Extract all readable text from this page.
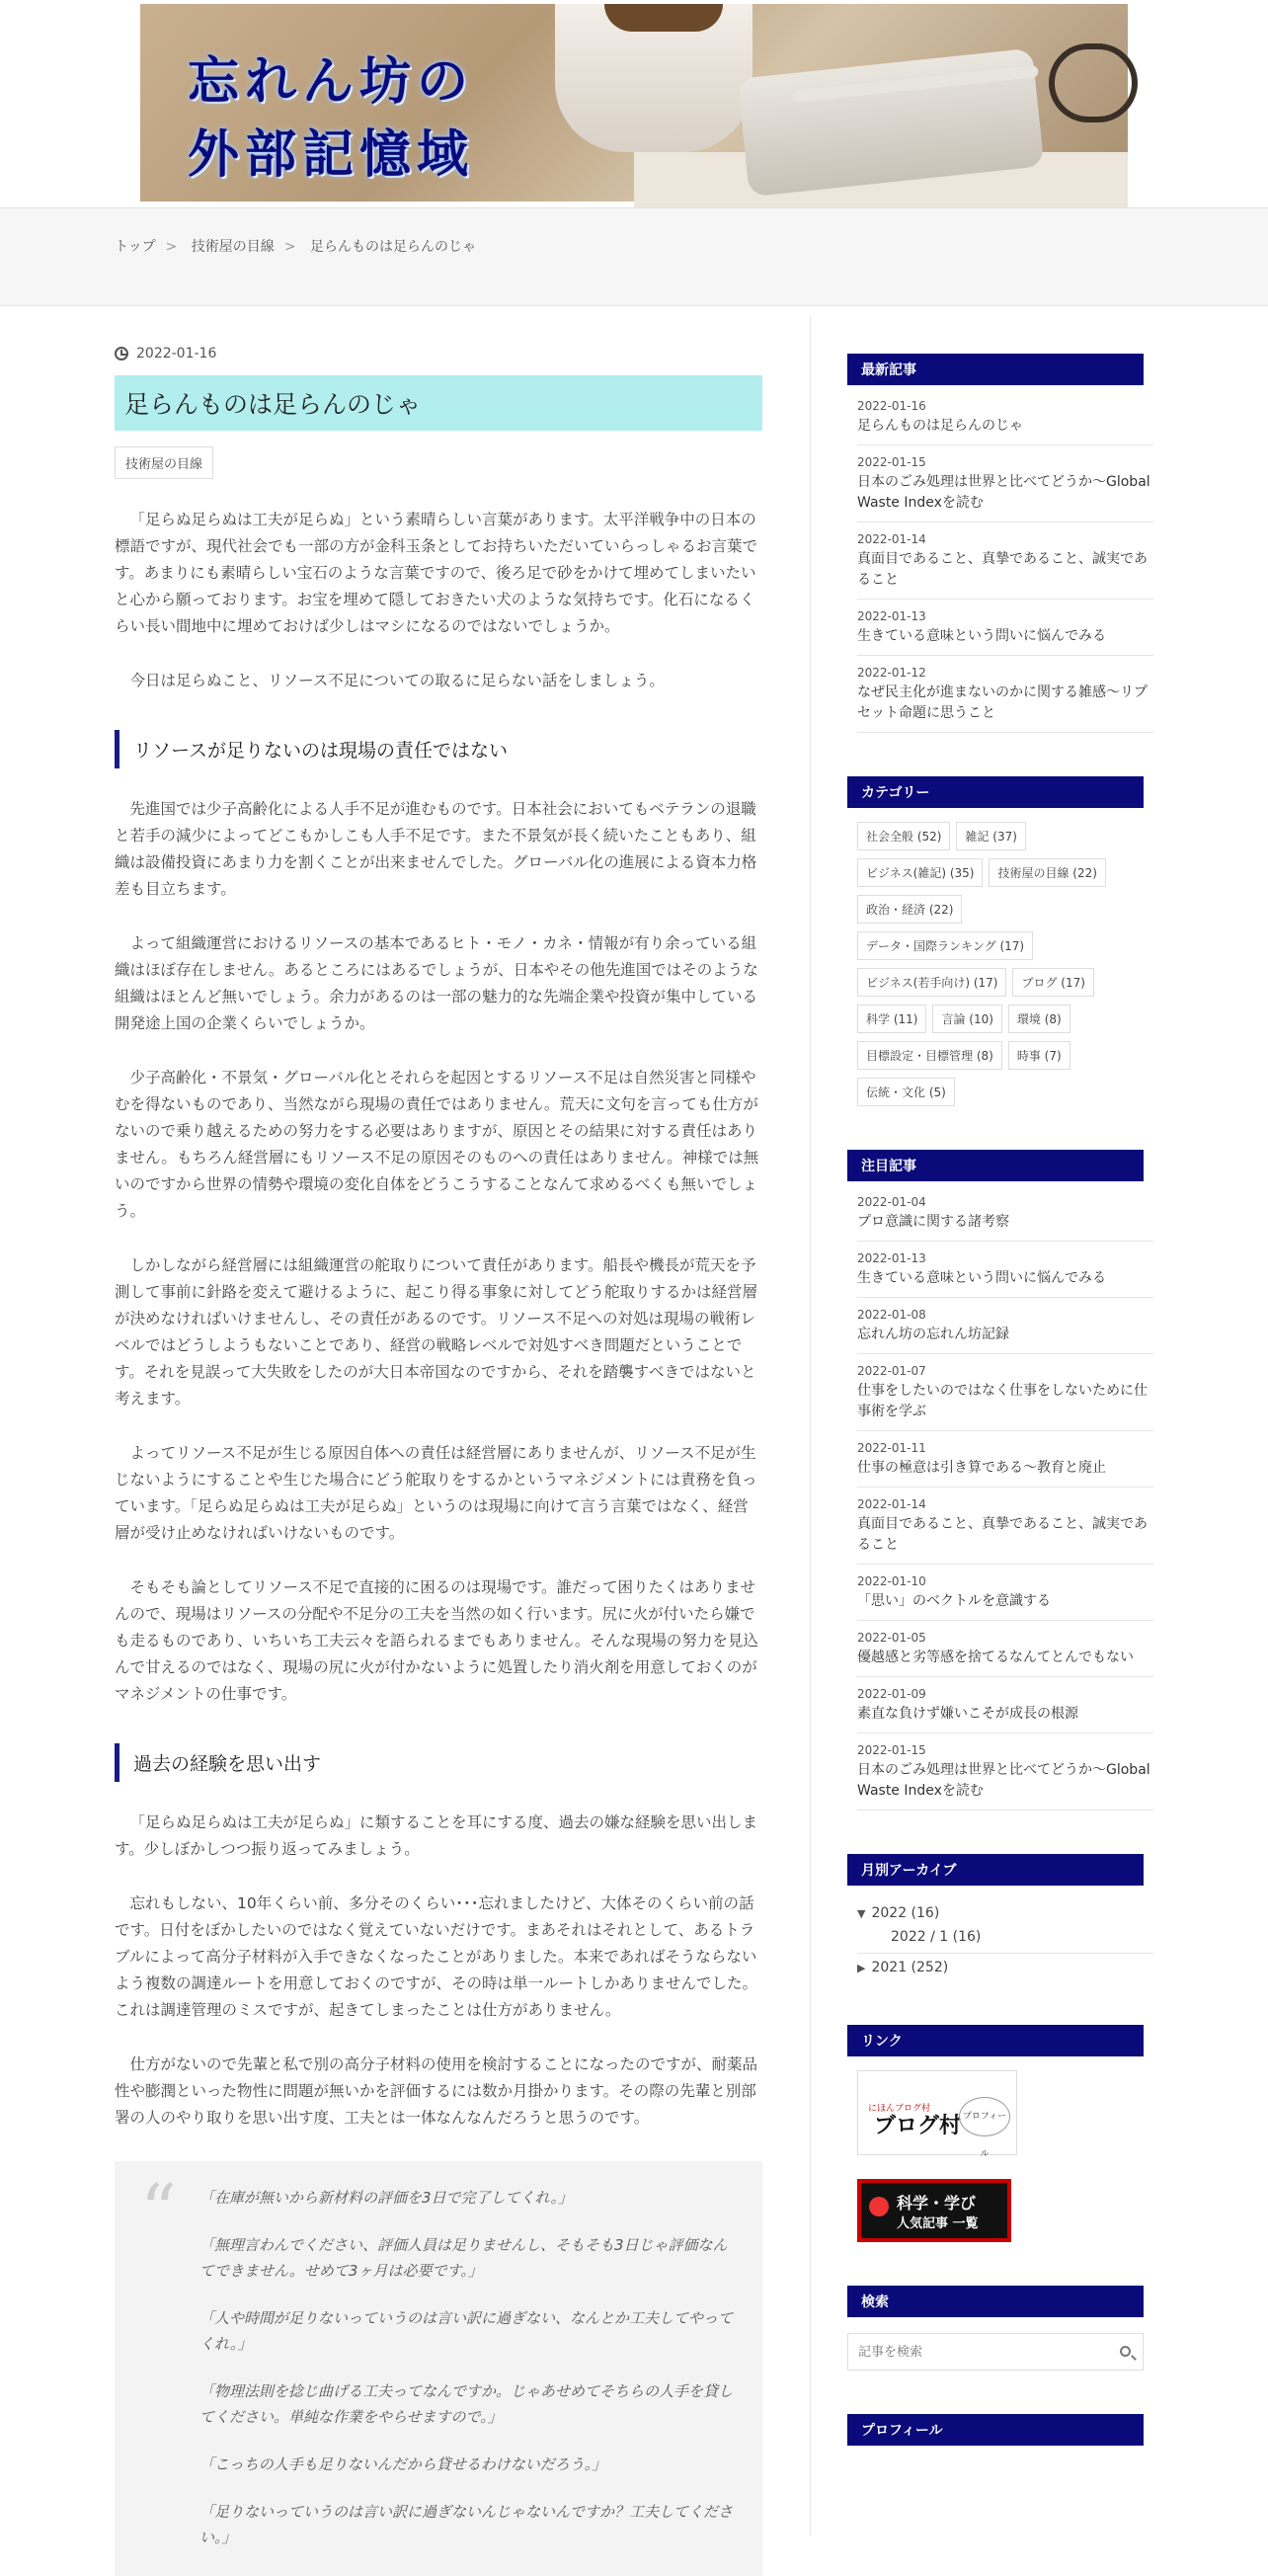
忘れん坊の
外部記憶域
トップ > 技術屋の目線 > 足らんものは足らんのじゃ
2022-01-16
足らんものは足らんのじゃ
技術屋の目線

「足らぬ足らぬは工夫が足らぬ」という素晴らしい言葉があります。太平洋戦争中の日本の標語ですが、現代社会でも一部の方が金科玉条としてお持ちいただいていらっしゃるお言葉です。あまりにも素晴らしい宝石のような言葉ですので、後ろ足で砂をかけて埋めてしまいたいと心から願っております。お宝を埋めて隠しておきたい犬のような気持ちです。化石になるくらい長い間地中に埋めておけば少しはマシになるのではないでしょうか。

今日は足らぬこと、リソース不足についての取るに足らない話をしましょう。

リソースが足りないのは現場の責任ではない

先進国では少子高齢化による人手不足が進むものです。日本社会においてもベテランの退職と若手の減少によってどこもかしこも人手不足です。また不景気が長く続いたこともあり、組織は設備投資にあまり力を割くことが出来ませんでした。グローバル化の進展による資本力格差も目立ちます。

よって組織運営におけるリソースの基本であるヒト・モノ・カネ・情報が有り余っている組織はほぼ存在しません。あるところにはあるでしょうが、日本やその他先進国ではそのような組織はほとんど無いでしょう。余力があるのは一部の魅力的な先端企業や投資が集中している開発途上国の企業くらいでしょうか。

少子高齢化・不景気・グローバル化とそれらを起因とするリソース不足は自然災害と同様やむを得ないものであり、当然ながら現場の責任ではありません。荒天に文句を言っても仕方がないので乗り越えるための努力をする必要はありますが、原因とその結果に対する責任はありません。もちろん経営層にもリソース不足の原因そのものへの責任はありません。神様では無いのですから世界の情勢や環境の変化自体をどうこうすることなんて求めるべくも無いでしょう。

しかしながら経営層には組織運営の舵取りについて責任があります。船長や機長が荒天を予測して事前に針路を変えて避けるように、起こり得る事象に対してどう舵取りするかは経営層が決めなければいけませんし、その責任があるのです。リソース不足への対処は現場の戦術レベルではどうしようもないことであり、経営の戦略レベルで対処すべき問題だということです。それを見誤って大失敗をしたのが大日本帝国なのですから、それを踏襲すべきではないと考えます。

よってリソース不足が生じる原因自体への責任は経営層にありませんが、リソース不足が生じないようにすることや生じた場合にどう舵取りをするかというマネジメントには責務を負っています。「足らぬ足らぬは工夫が足らぬ」というのは現場に向けて言う言葉ではなく、経営層が受け止めなければいけないものです。

そもそも論としてリソース不足で直接的に困るのは現場です。誰だって困りたくはありませんので、現場はリソースの分配や不足分の工夫を当然の如く行います。尻に火が付いたら嫌でも走るものであり、いちいち工夫云々を語られるまでもありません。そんな現場の努力を見込んで甘えるのではなく、現場の尻に火が付かないように処置したり消火剤を用意しておくのがマネジメントの仕事です。

過去の経験を思い出す

「足らぬ足らぬは工夫が足らぬ」に類することを耳にする度、過去の嫌な経験を思い出します。少しぼかしつつ振り返ってみましょう。

忘れもしない、10年くらい前、多分そのくらい･･･忘れましたけど、大体そのくらい前の話です。日付をぼかしたいのではなく覚えていないだけです。まあそれはそれとして、あるトラブルによって高分子材料が入手できなくなったことがありました。本来であればそうならないよう複数の調達ルートを用意しておくのですが、その時は単一ルートしかありませんでした。これは調達管理のミスですが、起きてしまったことは仕方がありません。

仕方がないので先輩と私で別の高分子材料の使用を検討することになったのですが、耐薬品性や膨潤といった物性に問題が無いかを評価するには数か月掛かります。その際の先輩と別部署の人のやり取りを思い出す度、工夫とは一体なんなんだろうと思うのです。

“ 「在庫が無いから新材料の評価を3日で完了してくれ。」

「無理言わんでください、評価人員は足りませんし、そもそも3日じゃ評価なんてできません。せめて3ヶ月は必要です。」

「人や時間が足りないっていうのは言い訳に過ぎない、なんとか工夫してやってくれ。」

「物理法則を捻じ曲げる工夫ってなんですか。じゃあせめてそちらの人手を貸してください。単純な作業をやらせますので。」

「こっちの人手も足りないんだから貸せるわけないだろう。」

「足りないっていうのは言い訳に過ぎないんじゃないんですか？工夫してください。」

最新記事
2022-01-16
足らんものは足らんのじゃ
2022-01-15
日本のごみ処理は世界と比べてどうか～Global Waste Indexを読む
2022-01-14
真面目であること、真摯であること、誠実であること
2022-01-13
生きている意味という問いに悩んでみる
2022-01-12
なぜ民主化が進まないのかに関する雑感〜リプセット命題に思うこと
カテゴリー
社会全般 (52)	雑記 (37)
ビジネス(雑記) (35)	技術屋の目線 (22)
政治・経済 (22)
データ・国際ランキング (17)
ビジネス(若手向け) (17)	ブログ (17)
科学 (11)	言論 (10)	環境 (8)
目標設定・目標管理 (8)	時事 (7)
伝統・文化 (5)
注目記事
2022-01-04
プロ意識に関する諸考察
2022-01-13
生きている意味という問いに悩んでみる
2022-01-08
忘れん坊の忘れん坊記録
2022-01-07
仕事をしたいのではなく仕事をしないために仕事術を学ぶ
2022-01-11
仕事の極意は引き算である～教育と廃止
2022-01-14
真面目であること、真摯であること、誠実であること
2022-01-10
「思い」のベクトルを意識する
2022-01-05
優越感と劣等感を捨てるなんてとんでもない
2022-01-09
素直な負けず嫌いこそが成長の根源
2022-01-15
日本のごみ処理は世界と比べてどうか～Global Waste Indexを読む
月別アーカイブ
▼ 2022 (16)
2022 / 1 (16)
▶ 2021 (252)
リンク
にほんブログ村
ブログ村 プロフィール
科学・学び
人気記事 一覧
検索
記事を検索
プロフィール
